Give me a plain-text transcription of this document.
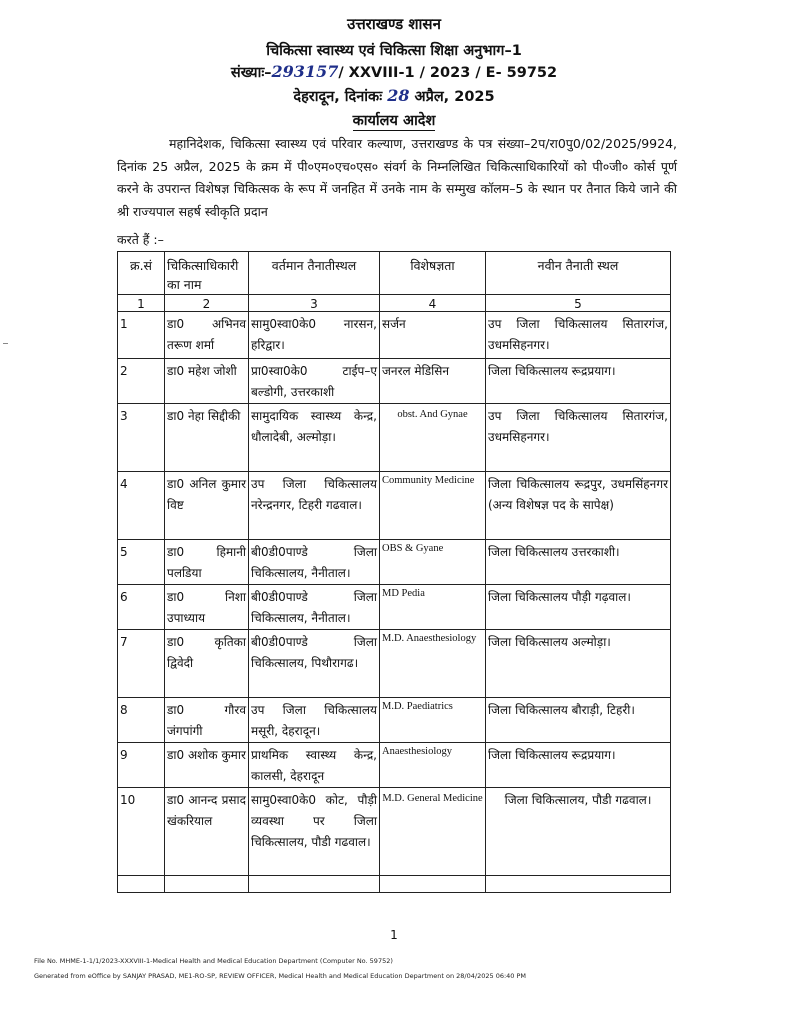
उत्तराखण्ड शासन
चिकित्सा स्वास्थ्य एवं चिकित्सा शिक्षा अनुभाग–1
संख्याः–293157/ XXVIII-1 / 2023 / E- 59752
देहरादून, दिनांकः 28 अप्रैल, 2025
कार्यालय आदेश
महानिदेशक, चिकित्सा स्वास्थ्य एवं परिवार कल्याण, उत्तराखण्ड के पत्र संख्या–2प/रा0पु0/02/2025/9924, दिनांक 25 अप्रैल, 2025 के क्रम में पी०एम०एच०एस० संवर्ग के निम्नलिखित चिकित्साधिकारियों को पी०जी० कोर्स पूर्ण करने के उपरान्त विशेषज्ञ चिकित्सक के रूप में जनहित में उनके नाम के सम्मुख कॉलम–5 के स्थान पर तैनात किये जाने की श्री राज्यपाल सहर्ष स्वीकृति प्रदान
करते हैं :–
क्र.सं	चिकित्साधिकारी का नाम	वर्तमान तैनातीस्थल	विशेषज्ञता	नवीन तैनाती स्थल
1	2	3	4	5
1	डा0 अभिनव तरूण शर्मा	सामु0स्वा0के0 नारसन, हरिद्वार।	सर्जन	उप जिला चिकित्सालय सितारगंज, उधमसिहनगर।
2	डा0 महेश जोशी	प्रा0स्वा0के0 टाईप–ए बल्डोगी, उत्तरकाशी	जनरल मेडिसिन	जिला चिकित्सालय रूद्रप्रयाग।
3	डा0 नेहा सिद्दीकी	सामुदायिक स्वास्थ्य केन्द्र, धौलादेबी, अल्मोड़ा।	obst. And Gynae	उप जिला चिकित्सालय सितारगंज, उधमसिहनगर।
4	डा0 अनिल कुमार विष्ट	उप जिला चिकित्सालय नरेन्द्रनगर, टिहरी गढवाल।	Community Medicine	जिला चिकित्सालय रूद्रपुर, उधमसिंहनगर (अन्य विशेषज्ञ पद के सापेक्ष)
5	डा0 हिमानी पलडिया	बी0डी0पाण्डे जिला चिकित्सालय, नैनीताल।	OBS & Gyane	जिला चिकित्सालय उत्तरकाशी।
6	डा0 निशा उपाध्याय	बी0डी0पाण्डे जिला चिकित्सालय, नैनीताल।	MD Pedia	जिला चिकित्सालय पौड़ी गढ़वाल।
7	डा0 कृतिका द्विवेदी	बी0डी0पाण्डे जिला चिकित्सालय, पिथौरागढ।	M.D. Anaesthesiology	जिला चिकित्सालय अल्मोड़ा।
8	डा0 गौरव जंगपांगी	उप जिला चिकित्सालय मसूरी, देहरादून।	M.D. Paediatrics	जिला चिकित्सालय बौराड़ी, टिहरी।
9	डा0 अशोक कुमार	प्राथमिक स्वास्थ्य केन्द्र, कालसी, देहरादून	Anaesthesiology	जिला चिकित्सालय रूद्रप्रयाग।
10	डा0 आनन्द प्रसाद खंकरियाल	सामु0स्वा0के0 कोट, पौड़ी व्यवस्था पर जिला चिकित्सालय, पौडी गढवाल।	M.D. General Medicine	जिला चिकित्सालय, पौडी गढवाल।

1
File No. MHME-1-1/1/2023-XXXVIII-1-Medical Health and Medical Education Department (Computer No. 59752)
Generated from eOffice by SANJAY PRASAD, ME1-RO-SP, REVIEW OFFICER, Medical Health and Medical Education Department on 28/04/2025 06:40 PM
